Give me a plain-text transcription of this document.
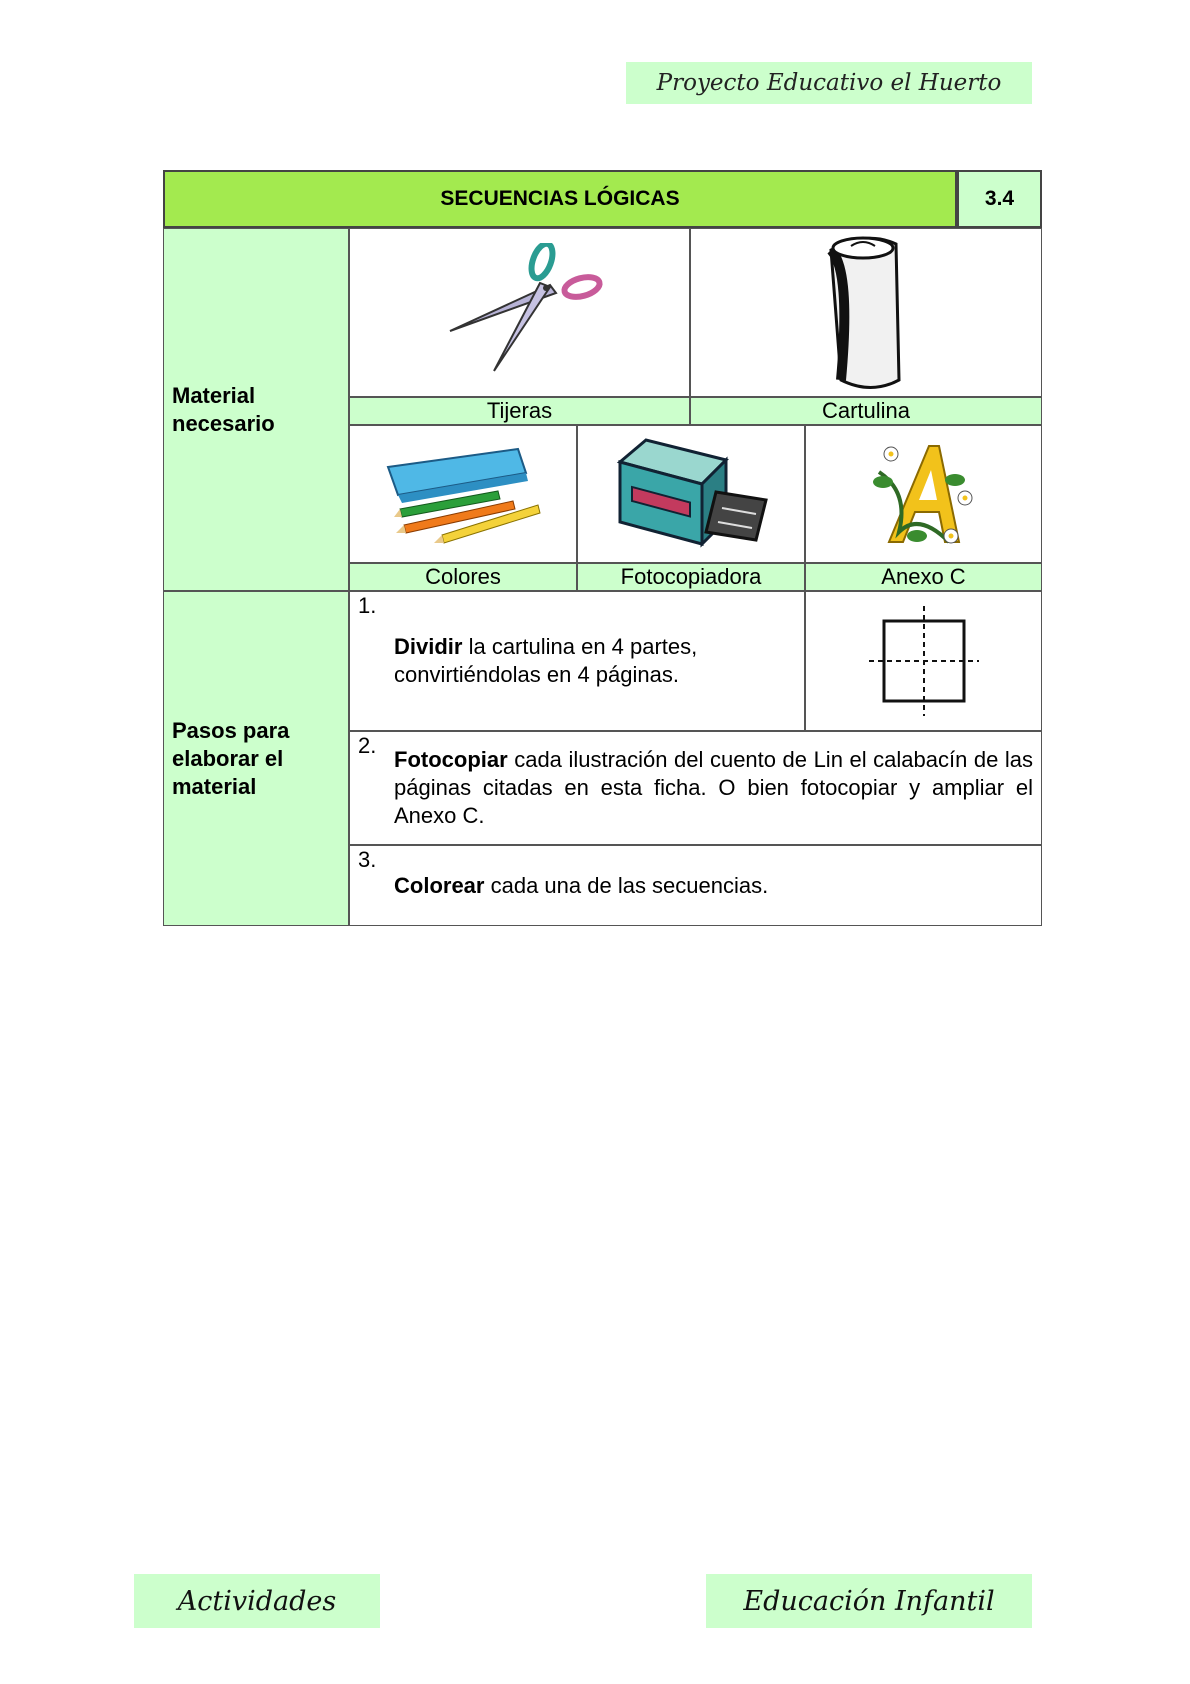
Proyecto Educativo el Huerto
SECUENCIAS LÓGICAS	3.4
Material necesario	Tijeras	Cartulina
Colores	Fotocopiadora	Anexo C
Pasos para elaborar el material
1.
Dividir la cartulina en 4 partes, convirtiéndolas en 4 páginas.
2.
Fotocopiar cada ilustración del cuento de Lin el calabacín de las páginas citadas en esta ficha. O bien fotocopiar y ampliar el Anexo C.
3.
Colorear cada una de las secuencias.
Actividades	Educación Infantil
